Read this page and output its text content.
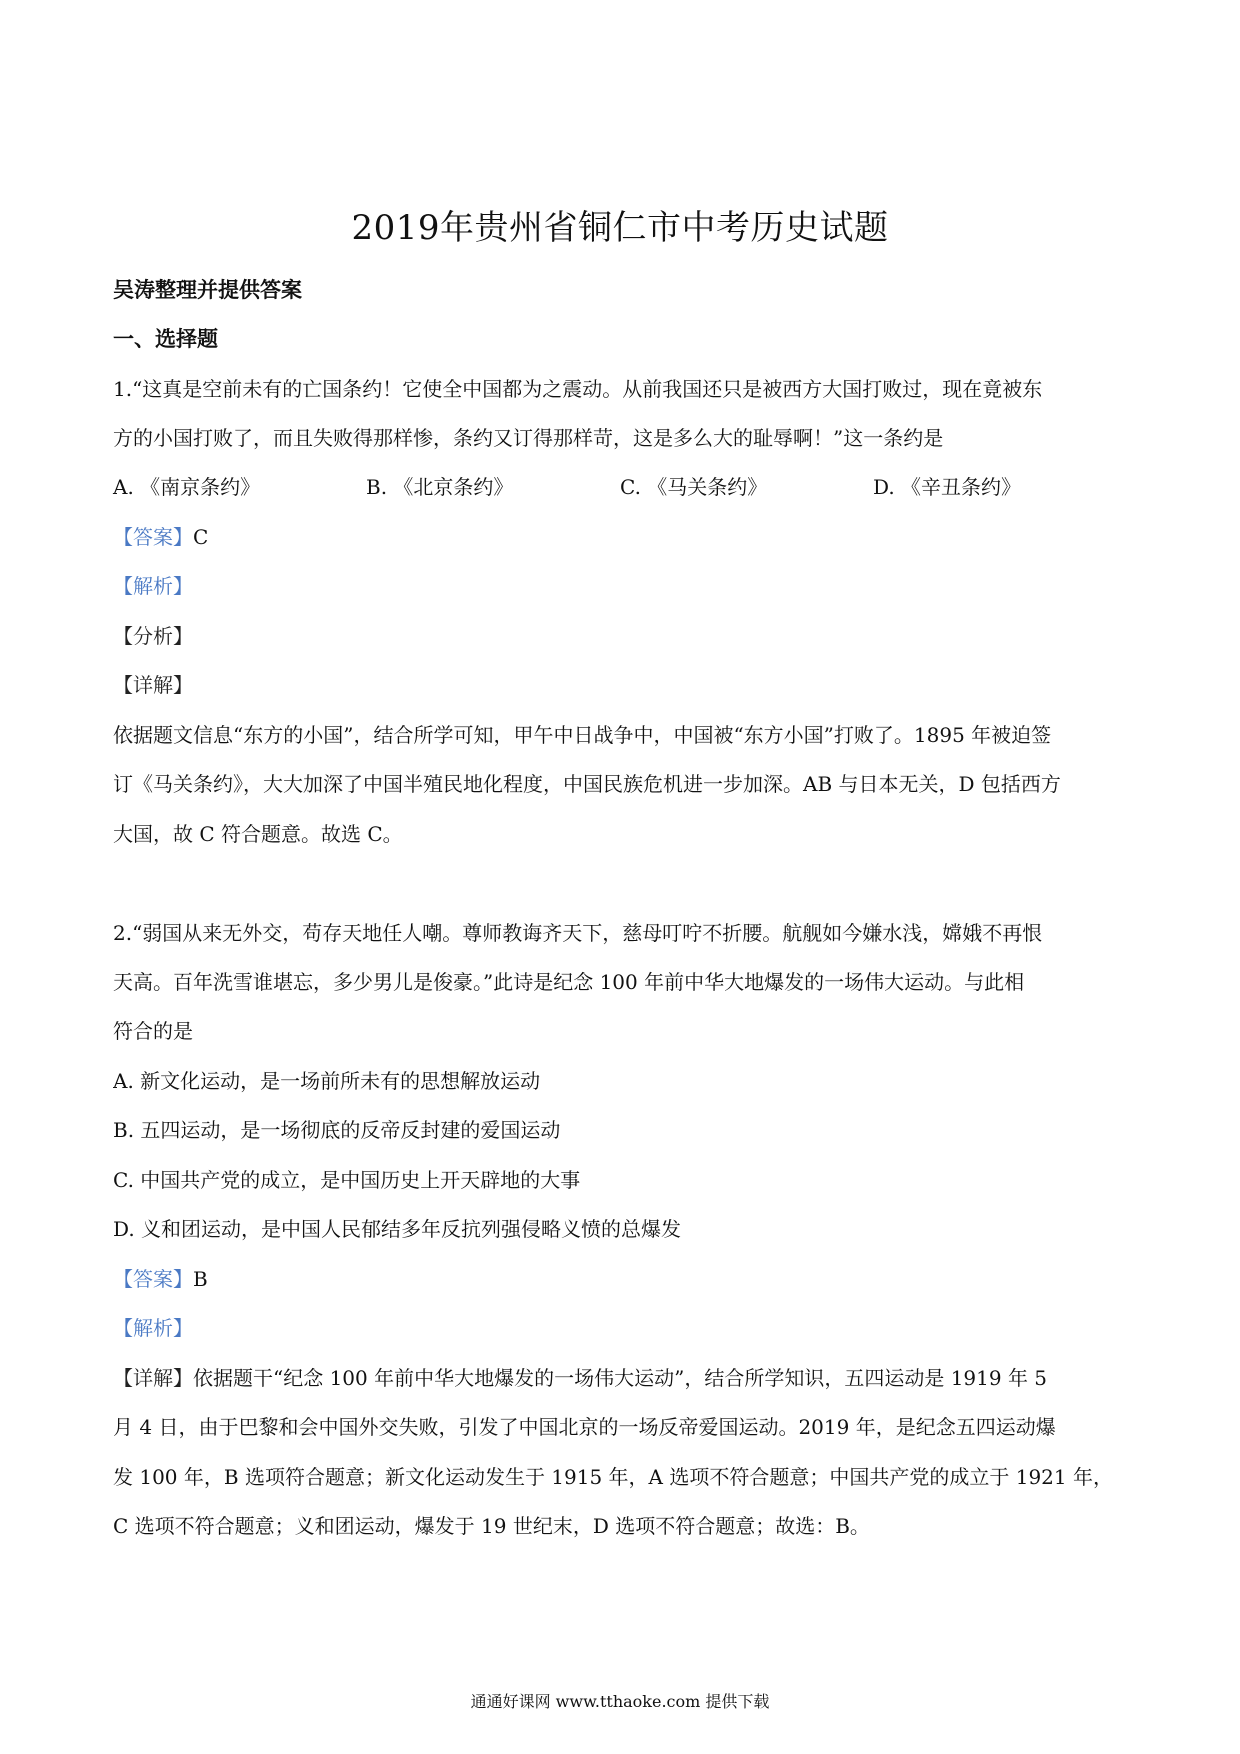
2019年贵州省铜仁市中考历史试题
吴涛整理并提供答案
一、选择题
1.“这真是空前未有的亡国条约！它使全中国都为之震动。从前我国还只是被西方大国打败过，现在竟被东
方的小国打败了，而且失败得那样惨，条约又订得那样苛，这是多么大的耻辱啊！”这一条约是
A. 《南京条约》	B. 《北京条约》	C. 《马关条约》	D. 《辛丑条约》
【答案】C
【解析】
【分析】
【详解】
依据题文信息“东方的小国”，结合所学可知，甲午中日战争中，中国被“东方小国”打败了。1895 年被迫签
订《马关条约》，大大加深了中国半殖民地化程度，中国民族危机进一步加深。AB 与日本无关，D 包括西方
大国，故 C 符合题意。故选 C。
2.“弱国从来无外交，苟存天地任人嘲。尊师教诲齐天下，慈母叮咛不折腰。航舰如今嫌水浅，嫦娥不再恨
天高。百年洗雪谁堪忘，多少男儿是俊豪。”此诗是纪念 100 年前中华大地爆发的一场伟大运动。与此相
符合的是
A. 新文化运动，是一场前所未有的思想解放运动
B. 五四运动，是一场彻底的反帝反封建的爱国运动
C. 中国共产党的成立，是中国历史上开天辟地的大事
D. 义和团运动，是中国人民郁结多年反抗列强侵略义愤的总爆发
【答案】B
【解析】
【详解】依据题干“纪念 100 年前中华大地爆发的一场伟大运动”，结合所学知识，五四运动是 1919 年 5
月 4 日，由于巴黎和会中国外交失败，引发了中国北京的一场反帝爱国运动。2019 年，是纪念五四运动爆
发 100 年，B 选项符合题意；新文化运动发生于 1915 年，A 选项不符合题意；中国共产党的成立于 1921 年，
C 选项不符合题意；义和团运动，爆发于 19 世纪末，D 选项不符合题意；故选：B。
通通好课网 www.tthaoke.com 提供下载
